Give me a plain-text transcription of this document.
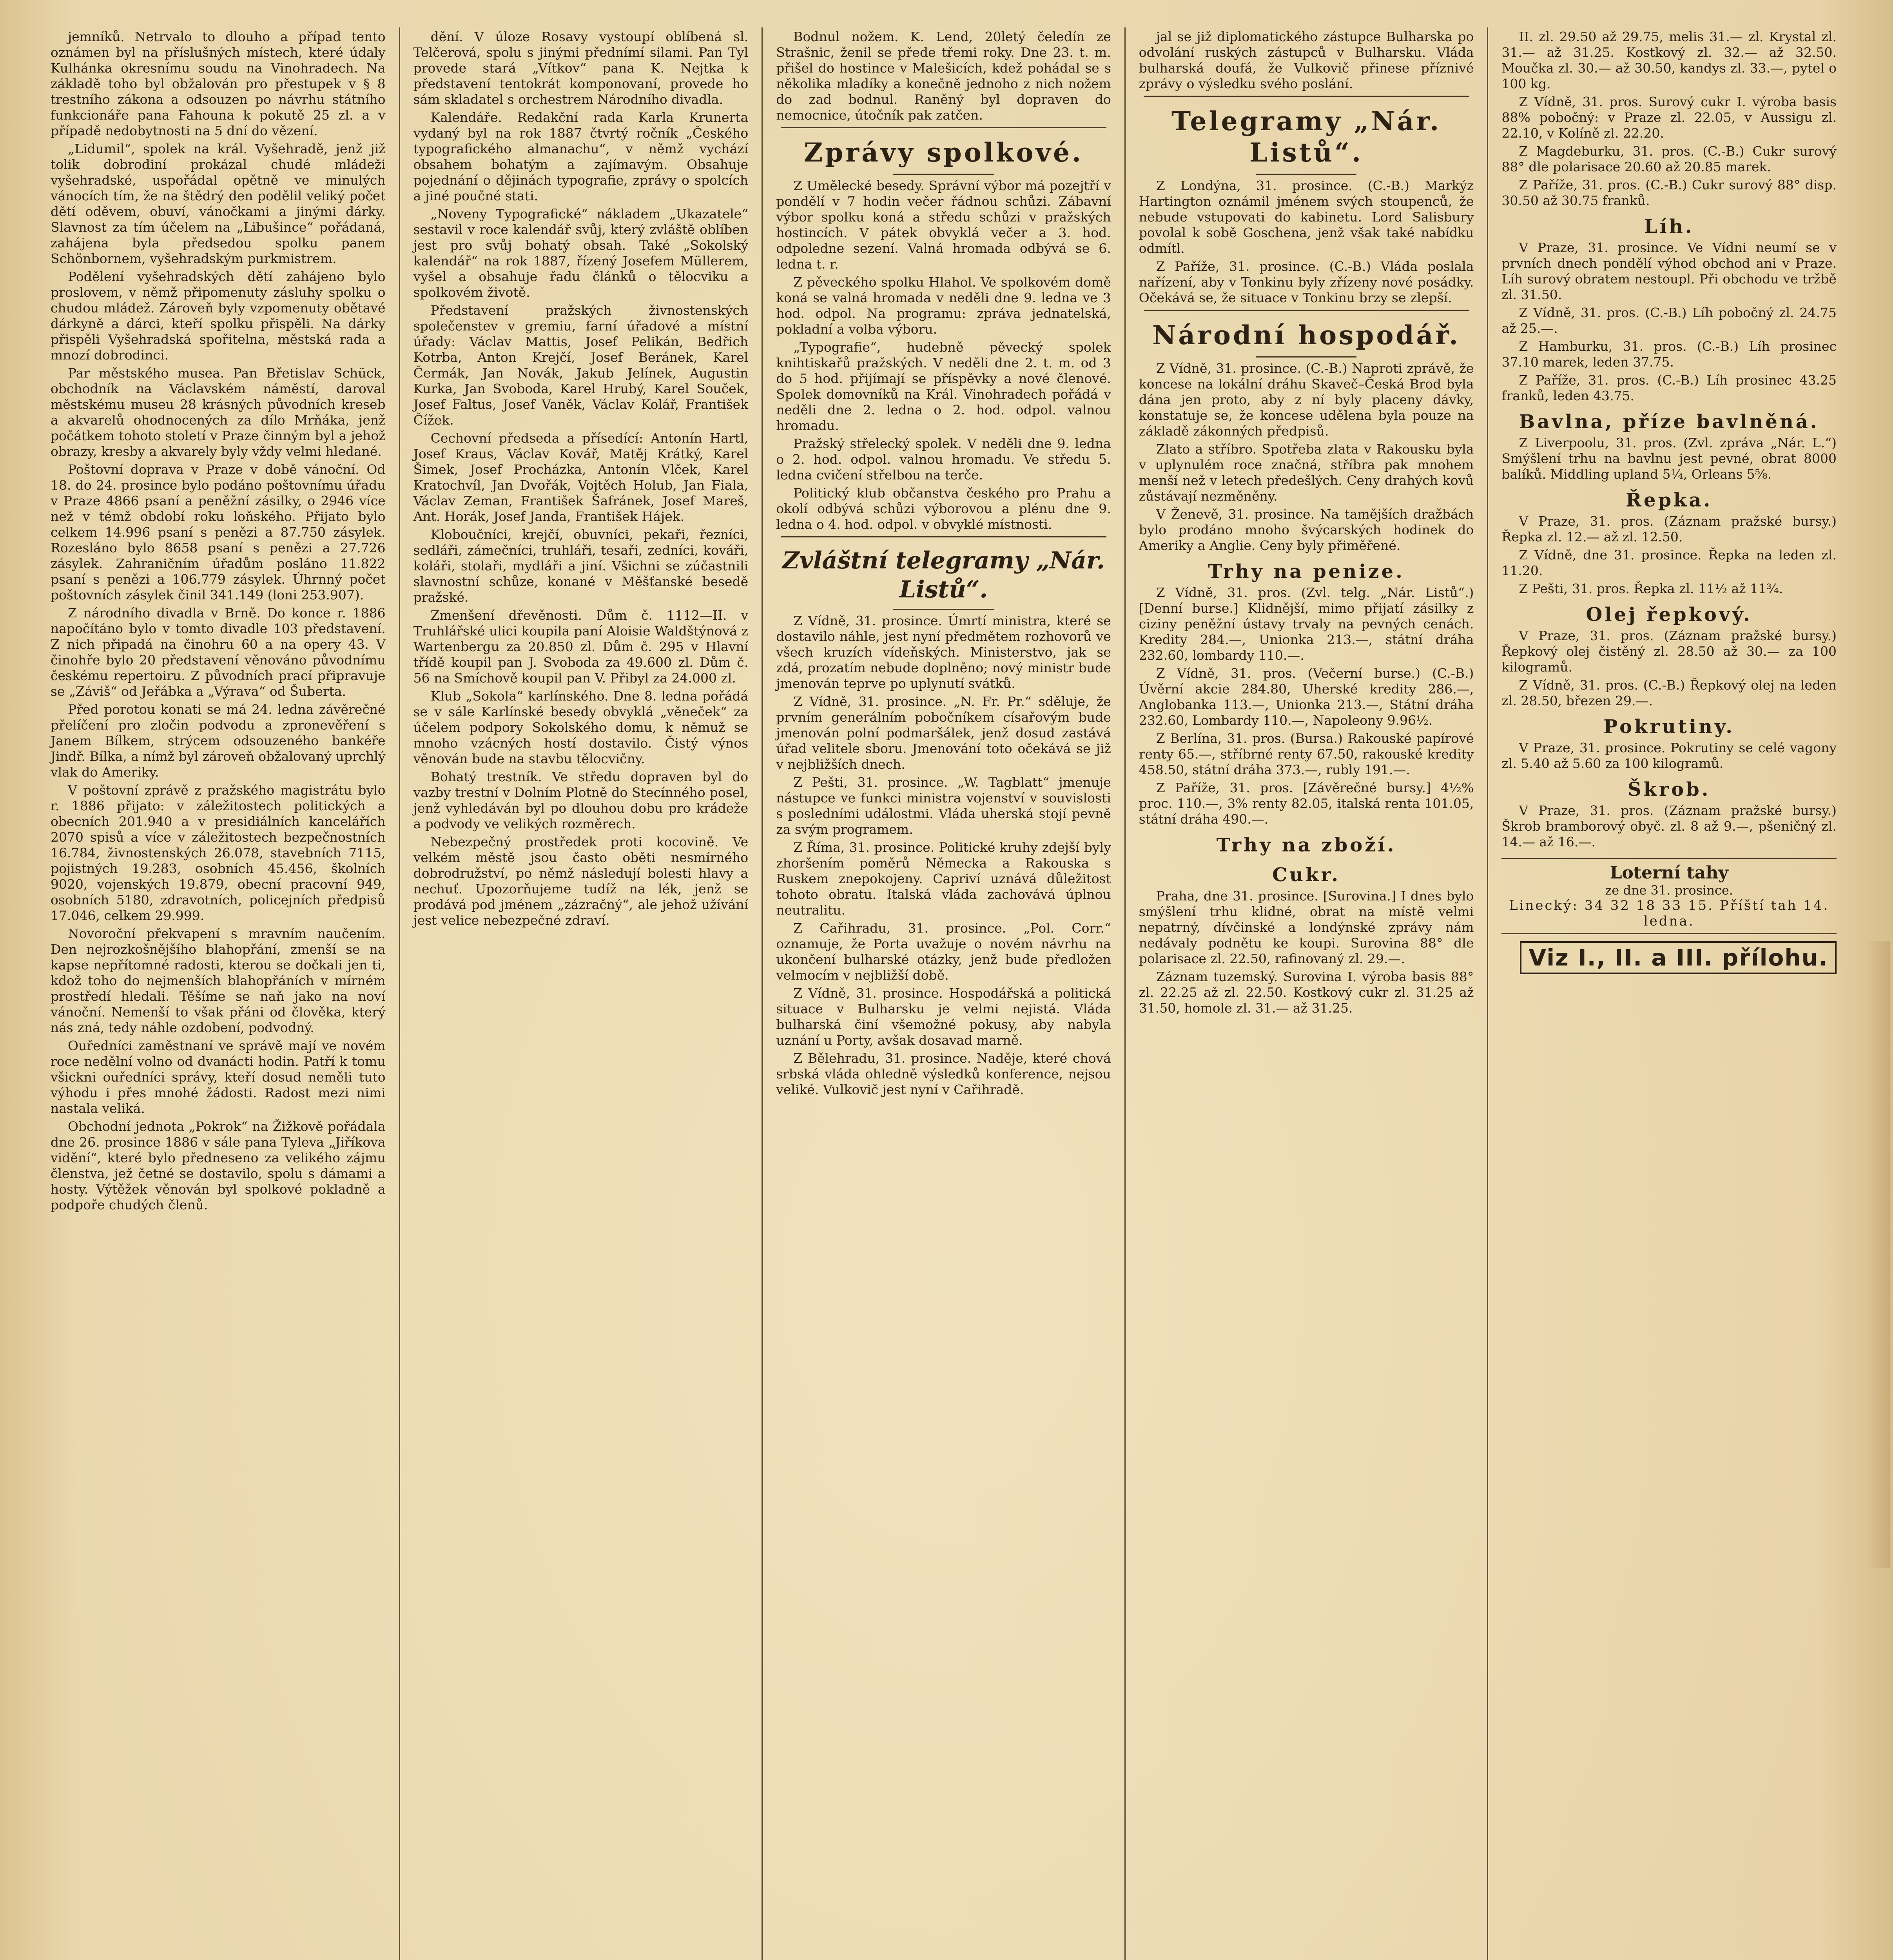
jemníků. Netrvalo to dlouho a případ tento oznámen byl na příslušných místech, které údaly Kulhánka okresnímu soudu na Vinohradech. Na základě toho byl obžalován pro přestupek v § 8 trestního zákona a odsouzen po návrhu státního funkcionáře pana Fahouna k pokutě 25 zl. a v případě nedobytnosti na 5 dní do vězení.

„Lidumil“, spolek na král. Vyšehradě, jenž již tolik dobrodiní prokázal chudé mládeži vyšehradské, uspořádal opětně ve minulých vánocích tím, že na štědrý den podělil veliký počet dětí oděvem, obuví, vánočkami a jinými dárky. Slavnost za tím účelem na „Libušince“ pořádaná, zahájena byla předsedou spolku panem Schönbornem, vyšehradským purkmistrem.

Podělení vyšehradských dětí zahájeno bylo proslovem, v němž připomenuty zásluhy spolku o chudou mládež. Zároveň byly vzpomenuty obětavé dárkyně a dárci, kteří spolku přispěli. Na dárky přispěli Vyšehradská spořitelna, městská rada a mnozí dobrodinci.

Par městského musea. Pan Břetislav Schück, obchodník na Václavském náměstí, daroval městskému museu 28 krásných původních kreseb a akvarelů ohodnocených za dílo Mrňáka, jenž počátkem tohoto století v Praze činným byl a jehož obrazy, kresby a akvarely byly vždy velmi hledané.

Poštovní doprava v Praze v době vánoční. Od 18. do 24. prosince bylo podáno poštovnímu úřadu v Praze 4866 psaní a peněžní zásilky, o 2946 více než v témž období roku loňského. Přijato bylo celkem 14.996 psaní s penězi a 87.750 zásylek. Rozesláno bylo 8658 psaní s penězi a 27.726 zásylek. Zahraničním úřadům posláno 11.822 psaní s penězi a 106.779 zásylek. Úhrnný počet poštovních zásylek činil 341.149 (loni 253.907).

Z národního divadla v Brně. Do konce r. 1886 napočítáno bylo v tomto divadle 103 představení. Z nich připadá na činohru 60 a na opery 43. V činohře bylo 20 představení věnováno původnímu českému repertoiru. Z původních prací připravuje se „Záviš“ od Jeřábka a „Výrava“ od Šuberta.

Před porotou konati se má 24. ledna závěrečné přelíčení pro zločin podvodu a zpronevěření s Janem Bílkem, strýcem odsouzeného bankéře Jindř. Bílka, a nímž byl zároveň obžalovaný uprchlý vlak do Ameriky.

V poštovní zprávě z pražského magistrátu bylo r. 1886 přijato: v záležitostech politických a obecních 201.940 a v presidiálních kancelářích 2070 spisů a více v záležitostech bezpečnostních 16.784, živnostenských 26.078, stavebních 7115, pojistných 19.283, osobních 45.456, školních 9020, vojenských 19.879, obecní pracovní 949, osobních 5180, zdravotních, policejních předpisů 17.046, celkem 29.999.

Novoroční překvapení s mravním naučením. Den nejrozkošnějšího blahopřání, zmenší se na kapse nepřítomné radosti, kterou se dočkali jen ti, kdož toho do nejmenších blahopřáních v mírném prostředí hledali. Těšíme se naň jako na noví vánoční. Nemenší to však přáni od člověka, který nás zná, tedy náhle ozdobení, podvodný.

Ouředníci zaměstnaní ve správě mají ve novém roce nedělní volno od dvanácti hodin. Patří k tomu všickni ouředníci správy, kteří dosud neměli tuto výhodu i přes mnohé žádosti. Radost mezi nimi nastala veliká.

Obchodní jednota „Pokrok“ na Žižkově pořádala dne 26. prosince 1886 v sále pana Tyleva „Jiříkova vidění“, které bylo předneseno za velikého zájmu členstva, jež četné se dostavilo, spolu s dámami a hosty. Výtěžek věnován byl spolkové pokladně a podpoře chudých členů.

dění. V úloze Rosavy vystoupí oblíbená sl. Telčerová, spolu s jinými přednímí silami. Pan Tyl provede stará „Vítkov“ pana K. Nejtka k představení tentokrát komponovaní, provede ho sám skladatel s orchestrem Národního divadla.

Kalendáře. Redakční rada Karla Krunerta vydaný byl na rok 1887 čtvrtý ročník „Českého typografického almanachu“, v němž vychází obsahem bohatým a zajímavým. Obsahuje pojednání o dějinách typografie, zprávy o spolcích a jiné poučné stati.

„Noveny Typografické“ nákladem „Ukazatele“ sestavil v roce kalendář svůj, který zvláště oblíben jest pro svůj bohatý obsah. Také „Sokolský kalendář“ na rok 1887, řízený Josefem Müllerem, vyšel a obsahuje řadu článků o tělocviku a spolkovém životě.

Představení pražských živnostenských společenstev v gremiu, farní úřadové a místní úřady: Václav Mattis, Josef Pelikán, Bedřich Kotrba, Anton Krejčí, Josef Beránek, Karel Čermák, Jan Novák, Jakub Jelínek, Augustin Kurka, Jan Svoboda, Karel Hrubý, Karel Souček, Josef Faltus, Josef Vaněk, Václav Kolář, František Čížek.

Cechovní předseda a přísedící: Antonín Hartl, Josef Kraus, Václav Kovář, Matěj Krátký, Karel Šimek, Josef Procházka, Antonín Vlček, Karel Kratochvíl, Jan Dvořák, Vojtěch Holub, Jan Fiala, Václav Zeman, František Šafránek, Josef Mareš, Ant. Horák, Josef Janda, František Hájek.

Kloboučníci, krejčí, obuvníci, pekaři, řezníci, sedláři, zámečníci, truhláři, tesaři, zedníci, kováři, koláři, stolaři, mydláři a jiní. Všichni se zúčastnili slavnostní schůze, konané v Měšťanské besedě pražské.

Zmenšení dřevěnosti. Dům č. 1112—II. v Truhlářské ulici koupila paní Aloisie Waldštýnová z Wartenbergu za 20.850 zl. Dům č. 295 v Hlavní třídě koupil pan J. Svoboda za 49.600 zl. Dům č. 56 na Smíchově koupil pan V. Přibyl za 24.000 zl.

Klub „Sokola“ karlínského. Dne 8. ledna pořádá se v sále Karlínské besedy obvyklá „věneček“ za účelem podpory Sokolského domu, k němuž se mnoho vzácných hostí dostavilo. Čistý výnos věnován bude na stavbu tělocvičny.

Bohatý trestník. Ve středu dopraven byl do vazby trestní v Dolním Plotně do Stecínného posel, jenž vyhledáván byl po dlouhou dobu pro krádeže a podvody ve velikých rozměrech.

Nebezpečný prostředek proti kocovině. Ve velkém městě jsou často oběti nesmírného dobrodružství, po němž následují bolesti hlavy a nechuť. Upozorňujeme tudíž na lék, jenž se prodává pod jménem „zázračný“, ale jehož užívání jest velice nebezpečné zdraví.

Bodnul nožem. K. Lend, 20letý čeledín ze Strašnic, ženil se přede třemi roky. Dne 23. t. m. přišel do hostince v Malešicích, kdež pohádal se s několika mladíky a konečně jednoho z nich nožem do zad bodnul. Raněný byl dopraven do nemocnice, útočník pak zatčen.

Zprávy spolkové.

Z Umělecké besedy. Správní výbor má pozejtří v pondělí v 7 hodin večer řádnou schůzi. Zábavní výbor spolku koná a středu schůzi v pražských hostincích. V pátek obvyklá večer a 3. hod. odpoledne sezení. Valná hromada odbývá se 6. ledna t. r.

Z pěveckého spolku Hlahol. Ve spolkovém domě koná se valná hromada v neděli dne 9. ledna ve 3 hod. odpol. Na programu: zpráva jednatelská, pokladní a volba výboru.

„Typografie“, hudebně pěvecký spolek knihtiskařů pražských. V neděli dne 2. t. m. od 3 do 5 hod. přijímají se příspěvky a nové členové. Spolek domovníků na Král. Vinohradech pořádá v neděli dne 2. ledna o 2. hod. odpol. valnou hromadu.

Pražský střelecký spolek. V neděli dne 9. ledna o 2. hod. odpol. valnou hromadu. Ve středu 5. ledna cvičení střelbou na terče.

Politický klub občanstva českého pro Prahu a okolí odbývá schůzi výborovou a plénu dne 9. ledna o 4. hod. odpol. v obvyklé místnosti.

Zvláštní telegramy „Nár. Listů“.

Z Vídně, 31. prosince. Úmrtí ministra, které se dostavilo náhle, jest nyní předmětem rozhovorů ve všech kruzích vídeňských. Ministerstvo, jak se zdá, prozatím nebude doplněno; nový ministr bude jmenován teprve po uplynutí svátků.

Z Vídně, 31. prosince. „N. Fr. Pr.“ sděluje, že prvním generálním pobočníkem císařovým bude jmenován polní podmaršálek, jenž dosud zastává úřad velitele sboru. Jmenování toto očekává se již v nejbližších dnech.

Z Pešti, 31. prosince. „W. Tagblatt“ jmenuje nástupce ve funkci ministra vojenství v souvislosti s posledními událostmi. Vláda uherská stojí pevně za svým programem.

Z Říma, 31. prosince. Politické kruhy zdejší byly zhoršením poměrů Německa a Rakouska s Ruskem znepokojeny. Capriví uznává důležitost tohoto obratu. Italská vláda zachovává úplnou neutralitu.

Z Cařihradu, 31. prosince. „Pol. Corr.“ oznamuje, že Porta uvažuje o novém návrhu na ukončení bulharské otázky, jenž bude předložen velmocím v nejbližší době.

Z Vídně, 31. prosince. Hospodářská a politická situace v Bulharsku je velmi nejistá. Vláda bulharská činí všemožné pokusy, aby nabyla uznání u Porty, avšak dosavad marně.

Z Bělehradu, 31. prosince. Naděje, které chová srbská vláda ohledně výsledků konference, nejsou veliké. Vulkovič jest nyní v Cařihradě.

jal se již diplomatického zástupce Bulharska po odvolání ruských zástupců v Bulharsku. Vláda bulharská doufá, že Vulkovič přinese příznivé zprávy o výsledku svého poslání.

Telegramy „Nár. Listů“.

Z Londýna, 31. prosince. (C.-B.) Markýz Hartington oznámil jménem svých stoupenců, že nebude vstupovati do kabinetu. Lord Salisbury povolal k sobě Goschena, jenž však také nabídku odmítl.

Z Paříže, 31. prosince. (C.-B.) Vláda poslala nařízení, aby v Tonkinu byly zřízeny nové posádky. Očekává se, že situace v Tonkinu brzy se zlepší.

Národní hospodář.

Z Vídně, 31. prosince. (C.-B.) Naproti zprávě, že koncese na lokální dráhu Skaveč–Česká Brod byla dána jen proto, aby z ní byly placeny dávky, konstatuje se, že koncese udělena byla pouze na základě zákonných předpisů.

Zlato a stříbro. Spotřeba zlata v Rakousku byla v uplynulém roce značná, stříbra pak mnohem menší než v letech předešlých. Ceny drahých kovů zůstávají nezměněny.

V Ženevě, 31. prosince. Na tamějších dražbách bylo prodáno mnoho švýcarských hodinek do Ameriky a Anglie. Ceny byly přiměřené.

Trhy na penize.

Z Vídně, 31. pros. (Zvl. telg. „Nár. Listů“.) [Denní burse.] Klidnější, mimo přijatí zásilky z ciziny peněžní ústavy trvaly na pevných cenách. Kredity 284.—, Unionka 213.—, státní dráha 232.60, lombardy 110.—.

Z Vídně, 31. pros. (Večerní burse.) (C.-B.) Úvěrní akcie 284.80, Uherské kredity 286.—, Anglobanka 113.—, Unionka 213.—, Státní dráha 232.60, Lombardy 110.—, Napoleony 9.96½.

Z Berlína, 31. pros. (Bursa.) Rakouské papírové renty 65.—, stříbrné renty 67.50, rakouské kredity 458.50, státní dráha 373.—, rubly 191.—.

Z Paříže, 31. pros. [Závěrečné bursy.] 4½% proc. 110.—, 3% renty 82.05, italská renta 101.05, státní dráha 490.—.

Trhy na zboží.
Cukr.

Praha, dne 31. prosince. [Surovina.] I dnes bylo smýšlení trhu klidné, obrat na místě velmi nepatrný, dívčinské a londýnské zprávy nám nedávaly podnětu ke koupi. Surovina 88° dle polarisace zl. 22.50, rafinovaný zl. 29.—.

Záznam tuzemský. Surovina I. výroba basis 88° zl. 22.25 až zl. 22.50. Kostkový cukr zl. 31.25 až 31.50, homole zl. 31.— až 31.25.

II. zl. 29.50 až 29.75, melis 31.— zl. Krystal zl. 31.— až 31.25. Kostkový zl. 32.— až 32.50. Moučka zl. 30.— až 30.50, kandys zl. 33.—, pytel o 100 kg.

Z Vídně, 31. pros. Surový cukr I. výroba basis 88% pobočný: v Praze zl. 22.05, v Aussigu zl. 22.10, v Kolíně zl. 22.20.

Z Magdeburku, 31. pros. (C.-B.) Cukr surový 88° dle polarisace 20.60 až 20.85 marek.

Z Paříže, 31. pros. (C.-B.) Cukr surový 88° disp. 30.50 až 30.75 franků.

Líh.

V Praze, 31. prosince. Ve Vídni neumí se v prvních dnech pondělí výhod obchod ani v Praze. Líh surový obratem nestoupl. Při obchodu ve tržbě zl. 31.50.

Z Vídně, 31. pros. (C.-B.) Líh pobočný zl. 24.75 až 25.—.

Z Hamburku, 31. pros. (C.-B.) Líh prosinec 37.10 marek, leden 37.75.

Z Paříže, 31. pros. (C.-B.) Líh prosinec 43.25 franků, leden 43.75.

Bavlna, příze bavlněná.

Z Liverpoolu, 31. pros. (Zvl. zpráva „Nár. L.“) Smýšlení trhu na bavlnu jest pevné, obrat 8000 balíků. Middling upland 5¼, Orleans 5⅝.

Řepka.

V Praze, 31. pros. (Záznam pražské bursy.) Řepka zl. 12.— až zl. 12.50.

Z Vídně, dne 31. prosince. Řepka na leden zl. 11.20.

Z Pešti, 31. pros. Řepka zl. 11½ až 11¾.

Olej řepkový.

V Praze, 31. pros. (Záznam pražské bursy.) Řepkový olej čistěný zl. 28.50 až 30.— za 100 kilogramů.

Z Vídně, 31. pros. (C.-B.) Řepkový olej na leden zl. 28.50, březen 29.—.

Pokrutiny.

V Praze, 31. prosince. Pokrutiny se celé vagony zl. 5.40 až 5.60 za 100 kilogramů.

Škrob.

V Praze, 31. pros. (Záznam pražské bursy.) Škrob bramborový obyč. zl. 8 až 9.—, pšeničný zl. 14.— až 16.—.

Loterní tahy
ze dne 31. prosince.
Linecký: 34 32 18 33 15. Příští tah 14. ledna.
Viz I., II. a III. přílohu.
